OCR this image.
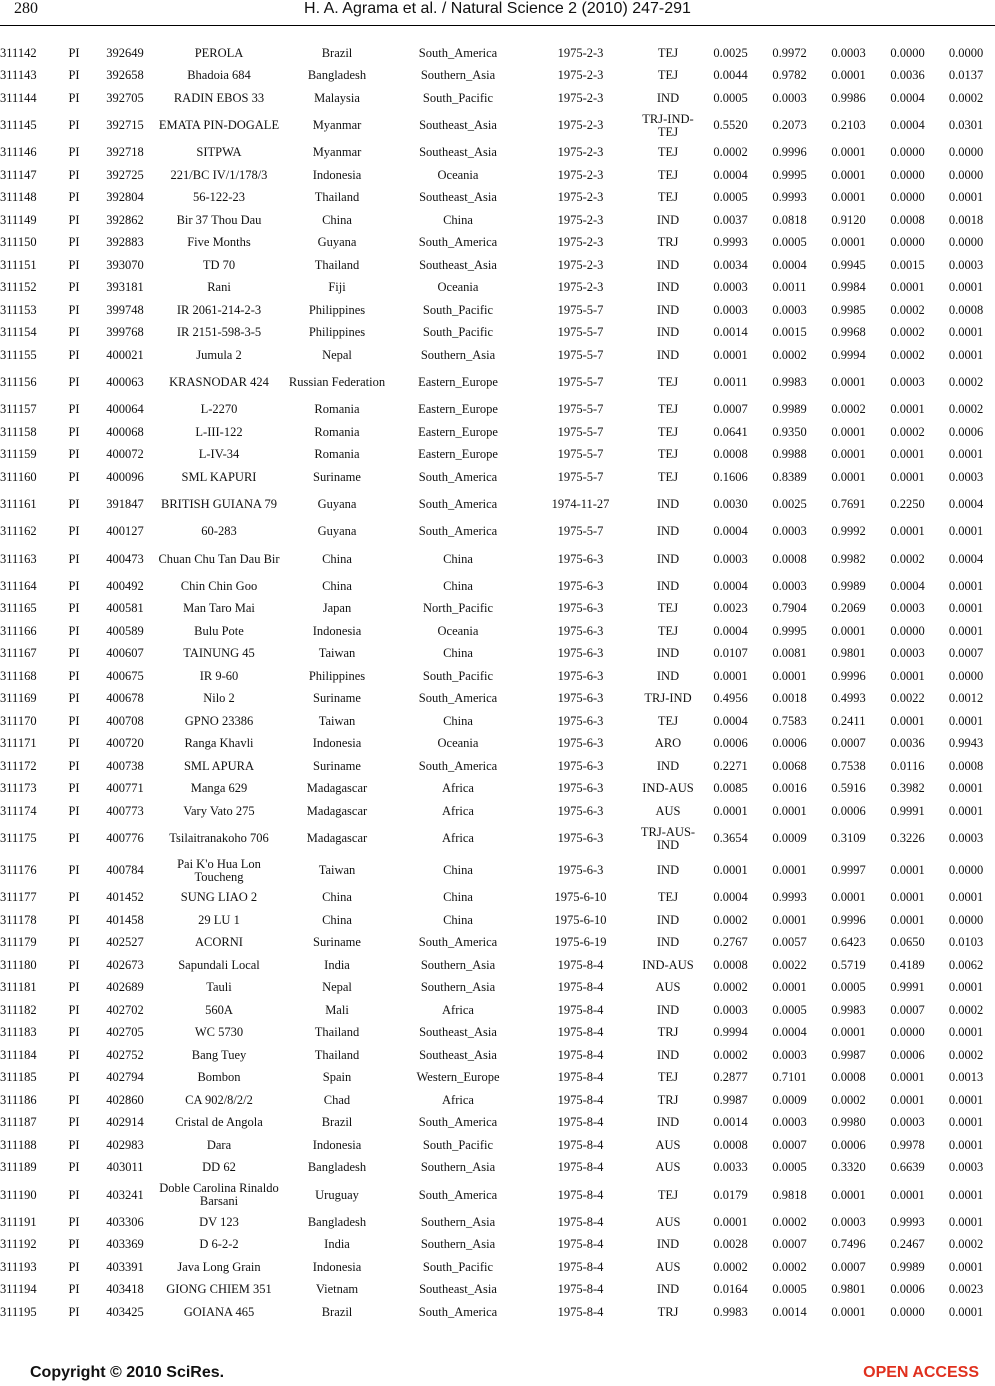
280	H. A. Agrama et al. / Natural Science 2 (2010) 247-291
311142	PI	392649	PEROLA	Brazil	South_America	1975-2-3	TEJ	0.0025	0.9972	0.0003	0.0000	0.0000
311143	PI	392658	Bhadoia 684	Bangladesh	Southern_Asia	1975-2-3	TEJ	0.0044	0.9782	0.0001	0.0036	0.0137
311144	PI	392705	RADIN EBOS 33	Malaysia	South_Pacific	1975-2-3	IND	0.0005	0.0003	0.9986	0.0004	0.0002
311145	PI	392715	EMATA PIN-DOGALE	Myanmar	Southeast_Asia	1975-2-3	TRJ-IND-TEJ	0.5520	0.2073	0.2103	0.0004	0.0301
311146	PI	392718	SITPWA	Myanmar	Southeast_Asia	1975-2-3	TEJ	0.0002	0.9996	0.0001	0.0000	0.0000
311147	PI	392725	221/BC IV/1/178/3	Indonesia	Oceania	1975-2-3	TEJ	0.0004	0.9995	0.0001	0.0000	0.0000
311148	PI	392804	56-122-23	Thailand	Southeast_Asia	1975-2-3	TEJ	0.0005	0.9993	0.0001	0.0000	0.0001
311149	PI	392862	Bir 37 Thou Dau	China	China	1975-2-3	IND	0.0037	0.0818	0.9120	0.0008	0.0018
311150	PI	392883	Five Months	Guyana	South_America	1975-2-3	TRJ	0.9993	0.0005	0.0001	0.0000	0.0000
311151	PI	393070	TD 70	Thailand	Southeast_Asia	1975-2-3	IND	0.0034	0.0004	0.9945	0.0015	0.0003
311152	PI	393181	Rani	Fiji	Oceania	1975-2-3	IND	0.0003	0.0011	0.9984	0.0001	0.0001
311153	PI	399748	IR 2061-214-2-3	Philippines	South_Pacific	1975-5-7	IND	0.0003	0.0003	0.9985	0.0002	0.0008
311154	PI	399768	IR 2151-598-3-5	Philippines	South_Pacific	1975-5-7	IND	0.0014	0.0015	0.9968	0.0002	0.0001
311155	PI	400021	Jumula 2	Nepal	Southern_Asia	1975-5-7	IND	0.0001	0.0002	0.9994	0.0002	0.0001
311156	PI	400063	KRASNODAR 424	Russian Federation	Eastern_Europe	1975-5-7	TEJ	0.0011	0.9983	0.0001	0.0003	0.0002
311157	PI	400064	L-2270	Romania	Eastern_Europe	1975-5-7	TEJ	0.0007	0.9989	0.0002	0.0001	0.0002
311158	PI	400068	L-III-122	Romania	Eastern_Europe	1975-5-7	TEJ	0.0641	0.9350	0.0001	0.0002	0.0006
311159	PI	400072	L-IV-34	Romania	Eastern_Europe	1975-5-7	TEJ	0.0008	0.9988	0.0001	0.0001	0.0001
311160	PI	400096	SML KAPURI	Suriname	South_America	1975-5-7	TEJ	0.1606	0.8389	0.0001	0.0001	0.0003
311161	PI	391847	BRITISH GUIANA 79	Guyana	South_America	1974-11-27	IND	0.0030	0.0025	0.7691	0.2250	0.0004
311162	PI	400127	60-283	Guyana	South_America	1975-5-7	IND	0.0004	0.0003	0.9992	0.0001	0.0001
311163	PI	400473	Chuan Chu Tan Dau Bir	China	China	1975-6-3	IND	0.0003	0.0008	0.9982	0.0002	0.0004
311164	PI	400492	Chin Chin Goo	China	China	1975-6-3	IND	0.0004	0.0003	0.9989	0.0004	0.0001
311165	PI	400581	Man Taro Mai	Japan	North_Pacific	1975-6-3	TEJ	0.0023	0.7904	0.2069	0.0003	0.0001
311166	PI	400589	Bulu Pote	Indonesia	Oceania	1975-6-3	TEJ	0.0004	0.9995	0.0001	0.0000	0.0001
311167	PI	400607	TAINUNG 45	Taiwan	China	1975-6-3	IND	0.0107	0.0081	0.9801	0.0003	0.0007
311168	PI	400675	IR 9-60	Philippines	South_Pacific	1975-6-3	IND	0.0001	0.0001	0.9996	0.0001	0.0000
311169	PI	400678	Nilo 2	Suriname	South_America	1975-6-3	TRJ-IND	0.4956	0.0018	0.4993	0.0022	0.0012
311170	PI	400708	GPNO 23386	Taiwan	China	1975-6-3	TEJ	0.0004	0.7583	0.2411	0.0001	0.0001
311171	PI	400720	Ranga Khavli	Indonesia	Oceania	1975-6-3	ARO	0.0006	0.0006	0.0007	0.0036	0.9943
311172	PI	400738	SML APURA	Suriname	South_America	1975-6-3	IND	0.2271	0.0068	0.7538	0.0116	0.0008
311173	PI	400771	Manga 629	Madagascar	Africa	1975-6-3	IND-AUS	0.0085	0.0016	0.5916	0.3982	0.0001
311174	PI	400773	Vary Vato 275	Madagascar	Africa	1975-6-3	AUS	0.0001	0.0001	0.0006	0.9991	0.0001
311175	PI	400776	Tsilaitranakoho 706	Madagascar	Africa	1975-6-3	TRJ-AUS-IND	0.3654	0.0009	0.3109	0.3226	0.0003
311176	PI	400784	Pai K'o Hua Lon Toucheng	Taiwan	China	1975-6-3	IND	0.0001	0.0001	0.9997	0.0001	0.0000
311177	PI	401452	SUNG LIAO 2	China	China	1975-6-10	TEJ	0.0004	0.9993	0.0001	0.0001	0.0001
311178	PI	401458	29 LU 1	China	China	1975-6-10	IND	0.0002	0.0001	0.9996	0.0001	0.0000
311179	PI	402527	ACORNI	Suriname	South_America	1975-6-19	IND	0.2767	0.0057	0.6423	0.0650	0.0103
311180	PI	402673	Sapundali Local	India	Southern_Asia	1975-8-4	IND-AUS	0.0008	0.0022	0.5719	0.4189	0.0062
311181	PI	402689	Tauli	Nepal	Southern_Asia	1975-8-4	AUS	0.0002	0.0001	0.0005	0.9991	0.0001
311182	PI	402702	560A	Mali	Africa	1975-8-4	IND	0.0003	0.0005	0.9983	0.0007	0.0002
311183	PI	402705	WC 5730	Thailand	Southeast_Asia	1975-8-4	TRJ	0.9994	0.0004	0.0001	0.0000	0.0001
311184	PI	402752	Bang Tuey	Thailand	Southeast_Asia	1975-8-4	IND	0.0002	0.0003	0.9987	0.0006	0.0002
311185	PI	402794	Bombon	Spain	Western_Europe	1975-8-4	TEJ	0.2877	0.7101	0.0008	0.0001	0.0013
311186	PI	402860	CA 902/8/2/2	Chad	Africa	1975-8-4	TRJ	0.9987	0.0009	0.0002	0.0001	0.0001
311187	PI	402914	Cristal de Angola	Brazil	South_America	1975-8-4	IND	0.0014	0.0003	0.9980	0.0003	0.0001
311188	PI	402983	Dara	Indonesia	South_Pacific	1975-8-4	AUS	0.0008	0.0007	0.0006	0.9978	0.0001
311189	PI	403011	DD 62	Bangladesh	Southern_Asia	1975-8-4	AUS	0.0033	0.0005	0.3320	0.6639	0.0003
311190	PI	403241	Doble Carolina Rinaldo Barsani	Uruguay	South_America	1975-8-4	TEJ	0.0179	0.9818	0.0001	0.0001	0.0001
311191	PI	403306	DV 123	Bangladesh	Southern_Asia	1975-8-4	AUS	0.0001	0.0002	0.0003	0.9993	0.0001
311192	PI	403369	D 6-2-2	India	Southern_Asia	1975-8-4	IND	0.0028	0.0007	0.7496	0.2467	0.0002
311193	PI	403391	Java Long Grain	Indonesia	South_Pacific	1975-8-4	AUS	0.0002	0.0002	0.0007	0.9989	0.0001
311194	PI	403418	GIONG CHIEM 351	Vietnam	Southeast_Asia	1975-8-4	IND	0.0164	0.0005	0.9801	0.0006	0.0023
311195	PI	403425	GOIANA 465	Brazil	South_America	1975-8-4	TRJ	0.9983	0.0014	0.0001	0.0000	0.0001
Copyright © 2010 SciRes.	OPEN ACCESS
